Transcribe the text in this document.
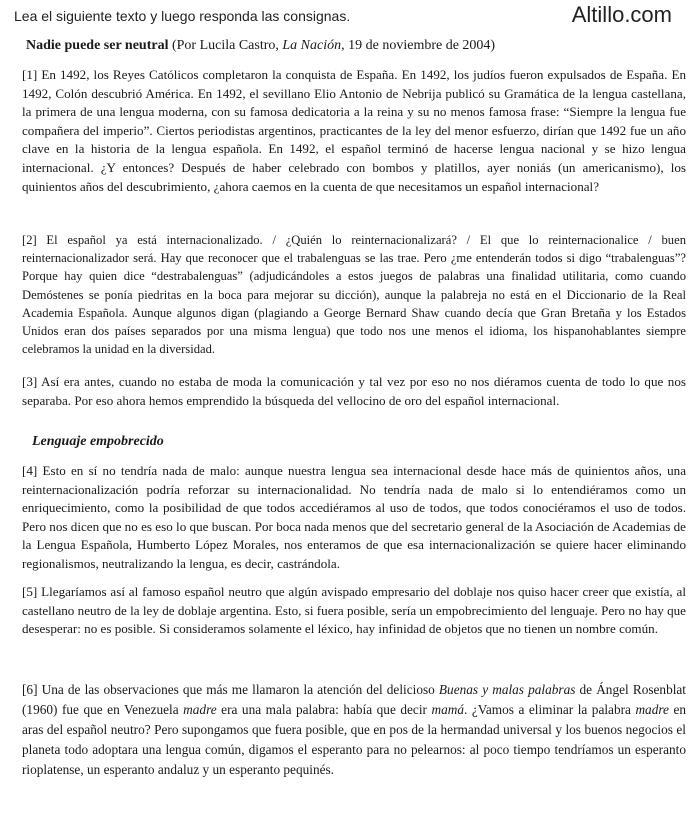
Altillo.com
Lea el siguiente texto y luego responda las consignas.
Nadie puede ser neutral (Por Lucila Castro, La Nación, 19 de noviembre de 2004)

[1] En 1492, los Reyes Católicos completaron la conquista de España. En 1492, los judíos fueron expulsados de España. En 1492, Colón descubrió América. En 1492, el sevillano Elio Antonio de Nebrija publicó su Gramática de la lengua castellana, la primera de una lengua moderna, con su famosa dedicatoria a la reina y su no menos famosa frase: “Siempre la lengua fue compañera del imperio”. Ciertos periodistas argentinos, practicantes de la ley del menor esfuerzo, dirían que 1492 fue un año clave en la historia de la lengua española. En 1492, el español terminó de hacerse lengua nacional y se hizo lengua internacional. ¿Y entonces? Después de haber celebrado con bombos y platillos, ayer noniás (un americanismo), los quinientos años del descubrimiento, ¿ahora caemos en la cuenta de que necesitamos un español internacional?

[2] El español ya está internacionalizado. / ¿Quién lo reinternacionalizará? / El que lo reinternacionalice / buen reinternacionalizador será. Hay que reconocer que el trabalenguas se las trae. Pero ¿me entenderán todos si digo “trabalenguas”? Porque hay quien dice “destrabalenguas” (adjudicándoles a estos juegos de palabras una finalidad utilitaria, como cuando Demóstenes se ponía piedritas en la boca para mejorar su dicción), aunque la palabreja no está en el Diccionario de la Real Academia Española. Aunque algunos digan (plagiando a George Bernard Shaw cuando decía que Gran Bretaña y los Estados Unidos eran dos países separados por una misma lengua) que todo nos une menos el idioma, los hispanohablantes siempre celebramos la unidad en la diversidad.

[3] Así era antes, cuando no estaba de moda la comunicación y tal vez por eso no nos diéramos cuenta de todo lo que nos separaba. Por eso ahora hemos emprendido la búsqueda del vellocino de oro del español internacional.

Lenguaje empobrecido

[4] Esto en sí no tendría nada de malo: aunque nuestra lengua sea internacional desde hace más de quinientos años, una reinternacionalización podría reforzar su internacionalidad. No tendría nada de malo si lo entendiéramos como un enriquecimiento, como la posibilidad de que todos accediéramos al uso de todos, que todos conociéramos el uso de todos. Pero nos dicen que no es eso lo que buscan. Por boca nada menos que del secretario general de la Asociación de Academias de la Lengua Española, Humberto López Morales, nos enteramos de que esa internacionalización se quiere hacer eliminando regionalismos, neutralizando la lengua, es decir, castrándola.

[5] Llegaríamos así al famoso español neutro que algún avispado empresario del doblaje nos quiso hacer creer que existía, al castellano neutro de la ley de doblaje argentina. Esto, si fuera posible, sería un empobrecimiento del lenguaje. Pero no hay que desesperar: no es posible. Si consideramos solamente el léxico, hay infinidad de objetos que no tienen un nombre común.

[6] Una de las observaciones que más me llamaron la atención del delicioso Buenas y malas palabras de Ángel Rosenblat (1960) fue que en Venezuela madre era una mala palabra: había que decir mamá. ¿Vamos a eliminar la palabra madre en aras del español neutro? Pero supongamos que fuera posible, que en pos de la hermandad universal y los buenos negocios el planeta todo adoptara una lengua común, digamos el esperanto para no pelearnos: al poco tiempo tendríamos un esperanto rioplatense, un esperanto andaluz y un esperanto pequinés.
